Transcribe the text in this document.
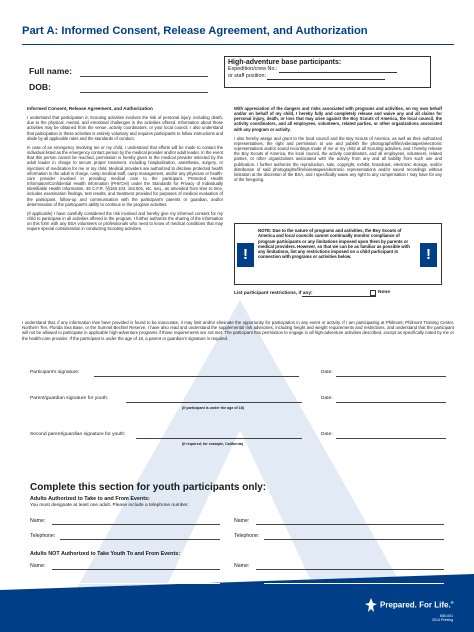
Part A: Informed Consent, Release Agreement, and Authorization
Full name:
DOB:
High-adventure base participants:
Expedition/crew No.:
or staff position:

Informed Consent, Release Agreement, and Authorization

I understand that participation in Scouting activities involves the risk of personal injury, including death, due to the physical, mental, and emotional challenges in the activities offered. Information about those activities may be obtained from the venue, activity coordinators, or your local council. I also understand that participation in these activities is entirely voluntary and requires participants to follow instructions and abide by all applicable rules and the standards of conduct.

In case of an emergency involving me or my child, I understand that efforts will be made to contact the individual listed as the emergency contact person by the medical provider and/or adult leader. In the event that this person cannot be reached, permission is hereby given to the medical provider selected by the adult leader in charge to secure proper treatment, including hospitalization, anesthesia, surgery, or injections of medication for me or my child. Medical providers are authorized to disclose protected health information to the adult in charge, camp medical staff, camp management, and/or any physician or health-care provider involved in providing medical care to the participant. Protected Health Information/Confidential Health Information (PHI/CHI) under the Standards for Privacy of Individually Identifiable Health Information, 45 C.F.R. §§160.103, 164.501, etc. seq., as amended from time to time, includes examination findings, test results, and treatment provided for purposes of medical evaluation of the participant, follow-up and communication with the participant's parents or guardian, and/or determination of the participant's ability to continue in the program activities.

(If applicable) I have carefully considered the risk involved and hereby give my informed consent for my child to participate in all activities offered in the program. I further authorize the sharing of the information on this form with any BSA volunteers or professionals who need to know of medical conditions that may require special consideration in conducting Scouting activities.

With appreciation of the dangers and risks associated with programs and activities, on my own behalf and/or on behalf of my child, I hereby fully and completely release and waive any and all claims for personal injury, death, or loss that may arise against the Boy Scouts of America, the local council, the activity coordinators, and all employees, volunteers, related parties, or other organizations associated with any program or activity.

I also hereby assign and grant to the local council and the Boy Scouts of America, as well as their authorized representatives, the right and permission to use and publish the photographs/film/videotapes/electronic representations and/or sound recordings made of me or my child at all Scouting activities, and I hereby release the Boy Scouts of America, the local council, the activity coordinators, and all employees, volunteers, related parties, or other organizations associated with the activity from any and all liability from such use and publication. I further authorize the reproduction, sale, copyright, exhibit, broadcast, electronic storage, and/or distribution of said photographs/film/videotapes/electronic representations and/or sound recordings without limitation at the discretion of the BSA, and I specifically waive any right to any compensation I may have for any of the foregoing.

!
NOTE: Due to the nature of programs and activities, the Boy Scouts of America and local councils cannot continually monitor compliance of program participants or any limitations imposed upon them by parents or medical providers. However, so that we can be as familiar as possible with any limitations, list any restrictions imposed on a child participant in connection with programs or activities below.	!
List participant restrictions, if any:	None
I understand that, if any information I/we have provided is found to be inaccurate, it may limit and/or eliminate the opportunity for participation in any event or activity. If I am participating at Philmont, Philmont Training Center, Northern Tier, Florida Sea Base, or the Summit Bechtel Reserve, I have also read and understand the supplemental risk advisories, including height and weight requirements and restrictions, and understand that the participant will not be allowed to participate in applicable high-adventure programs if those requirements are not met. The participant has permission to engage in all high-adventure activities described, except as specifically noted by me or the health-care provider. If the participant is under the age of 18, a parent or guardian's signature is required.
Participant's signature:	Date:
Parent/guardian signature for youth:	Date:
(If participant is under the age of 18)
Second parent/guardian signature for youth:	Date:
(If required; for example, California)
Complete this section for youth participants only:
Adults Authorized to Take to and From Events:
You must designate at least one adult. Please include a telephone number.
Name:	Name:
Telephone:	Telephone:
Adults NOT Authorized to Take Youth To and From Events:
Name:	Name:
Telephone:	Telephone:
Prepared. For Life.®
680-001
2014 Printing
